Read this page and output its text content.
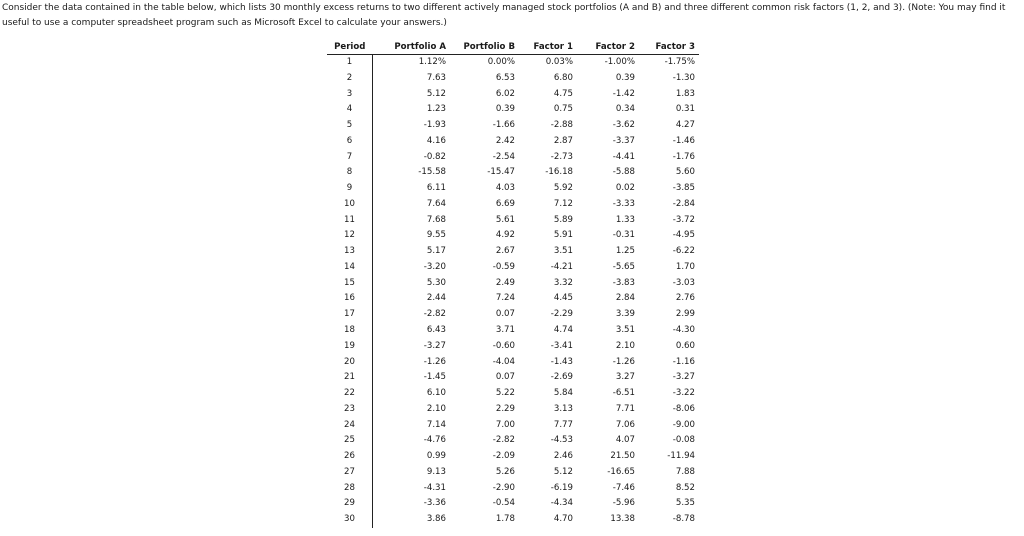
Consider the data contained in the table below, which lists 30 monthly excess returns to two different actively managed stock portfolios (A and B) and three different common risk factors (1, 2, and 3). (Note: You may find it useful to use a computer spreadsheet program such as Microsoft Excel to calculate your answers.)
Period	Portfolio A	Portfolio B	Factor 1	Factor 2	Factor 3
1	1.12%	0.00%	0.03%	-1.00%	-1.75%
2	7.63	6.53	6.80	0.39	-1.30
3	5.12	6.02	4.75	-1.42	1.83
4	1.23	0.39	0.75	0.34	0.31
5	-1.93	-1.66	-2.88	-3.62	4.27
6	4.16	2.42	2.87	-3.37	-1.46
7	-0.82	-2.54	-2.73	-4.41	-1.76
8	-15.58	-15.47	-16.18	-5.88	5.60
9	6.11	4.03	5.92	0.02	-3.85
10	7.64	6.69	7.12	-3.33	-2.84
11	7.68	5.61	5.89	1.33	-3.72
12	9.55	4.92	5.91	-0.31	-4.95
13	5.17	2.67	3.51	1.25	-6.22
14	-3.20	-0.59	-4.21	-5.65	1.70
15	5.30	2.49	3.32	-3.83	-3.03
16	2.44	7.24	4.45	2.84	2.76
17	-2.82	0.07	-2.29	3.39	2.99
18	6.43	3.71	4.74	3.51	-4.30
19	-3.27	-0.60	-3.41	2.10	0.60
20	-1.26	-4.04	-1.43	-1.26	-1.16
21	-1.45	0.07	-2.69	3.27	-3.27
22	6.10	5.22	5.84	-6.51	-3.22
23	2.10	2.29	3.13	7.71	-8.06
24	7.14	7.00	7.77	7.06	-9.00
25	-4.76	-2.82	-4.53	4.07	-0.08
26	0.99	-2.09	2.46	21.50	-11.94
27	9.13	5.26	5.12	-16.65	7.88
28	-4.31	-2.90	-6.19	-7.46	8.52
29	-3.36	-0.54	-4.34	-5.96	5.35
30	3.86	1.78	4.70	13.38	-8.78
